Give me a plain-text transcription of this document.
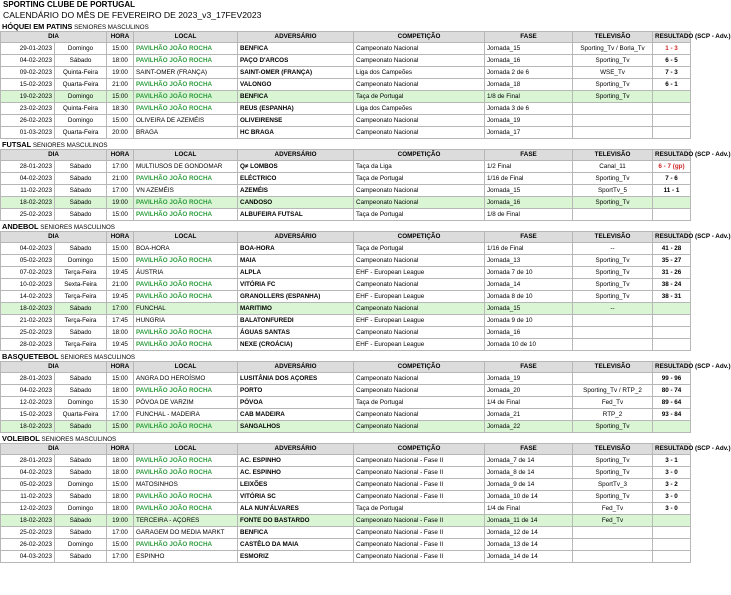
SPORTING CLUBE DE PORTUGAL
CALENDÁRIO DO MÊS DE FEVEREIRO DE 2023_v3_17FEV2023
HÓQUEI EM PATINS SENIORES MASCULINOS
DIA		HORA	LOCAL	ADVERSÁRIO	COMPETIÇÃO	FASE	TELEVISÃO	RESULTADO (SCP - Adv.)
29-01-2023	Domingo	15:00	PAVILHÃO JOÃO ROCHA	BENFICA	Campeonato Nacional	Jornada_15	Sporting_Tv / Borla_Tv	1 - 3
04-02-2023	Sábado	18:00	PAVILHÃO JOÃO ROCHA	PAÇO D'ARCOS	Campeonato Nacional	Jornada_16	Sporting_Tv	6 - 5
09-02-2023	Quinta-Feira	19:00	SAINT-OMER (FRANÇA)	SAINT-OMER (FRANÇA)	Liga dos Campeões	Jornada 2 de 6	WSE_Tv	7 - 3
15-02-2023	Quarta-Feira	21:00	PAVILHÃO JOÃO ROCHA	VALONGO	Campeonato Nacional	Jornada_18	Sporting_Tv	6 - 1
19-02-2023	Domingo	15:00	PAVILHÃO JOÃO ROCHA	BENFICA	Taça de Portugal	1/8 de Final	Sporting_Tv	
23-02-2023	Quinta-Feira	18:30	PAVILHÃO JOÃO ROCHA	REUS (ESPANHA)	Liga dos Campeões	Jornada 3 de 6		
26-02-2023	Domingo	15:00	OLIVEIRA DE AZEMÉIS	OLIVEIRENSE	Campeonato Nacional	Jornada_19		
01-03-2023	Quarta-Feira	20:00	BRAGA	HC BRAGA	Campeonato Nacional	Jornada_17		
FUTSAL SENIORES MASCULINOS
DIA		HORA	LOCAL	ADVERSÁRIO	COMPETIÇÃO	FASE	TELEVISÃO	RESULTADO (SCP - Adv.)
28-01-2023	Sábado	17:00	MULTIUSOS DE GONDOMAR	Q≠ LOMBOS	Taça da Liga	1/2 Final	Canal_11	6 - 7 (gp)
04-02-2023	Sábado	21:00	PAVILHÃO JOÃO ROCHA	ELÉCTRICO	Taça de Portugal	1/16 de Final	Sporting_Tv	7 - 6
11-02-2023	Sábado	17:00	VN AZEMÉIS	AZEMÉIS	Campeonato Nacional	Jornada_15	SportTv_5	11 - 1
18-02-2023	Sábado	19:00	PAVILHÃO JOÃO ROCHA	CANDOSO	Campeonato Nacional	Jornada_16	Sporting_Tv	
25-02-2023	Sábado	15:00	PAVILHÃO JOÃO ROCHA	ALBUFEIRA FUTSAL	Taça de Portugal	1/8 de Final		
ANDEBOL SENIORES MASCULINOS
DIA		HORA	LOCAL	ADVERSÁRIO	COMPETIÇÃO	FASE	TELEVISÃO	RESULTADO (SCP - Adv.)
04-02-2023	Sábado	15:00	BOA-HORA	BOA-HORA	Taça de Portugal	1/16 de Final	--	41 - 28
05-02-2023	Domingo	15:00	PAVILHÃO JOÃO ROCHA	MAIA	Campeonato Nacional	Jornada_13	Sporting_Tv	35 - 27
07-02-2023	Terça-Feira	19:45	ÁUSTRIA	ALPLA	EHF - European League	Jornada 7 de 10	Sporting_Tv	31 - 26
10-02-2023	Sexta-Feira	21:00	PAVILHÃO JOÃO ROCHA	VITÓRIA FC	Campeonato Nacional	Jornada_14	Sporting_Tv	38 - 24
14-02-2023	Terça-Feira	19:45	PAVILHÃO JOÃO ROCHA	GRANOLLERS (ESPANHA)	EHF - European League	Jornada 8 de 10	Sporting_Tv	38 - 31
18-02-2023	Sábado	17:00	FUNCHAL	MARITIMO	Campeonato Nacional	Jornada_15	--	
21-02-2023	Terça-Feira	17:45	HUNGRIA	BALATONFUREDI	EHF - European League	Jornada 9 de 10		
25-02-2023	Sábado	18:00	PAVILHÃO JOÃO ROCHA	ÁGUAS SANTAS	Campeonato Nacional	Jornada_16		
28-02-2023	Terça-Feira	19:45	PAVILHÃO JOÃO ROCHA	NEXE (CROÁCIA)	EHF - European League	Jornada 10 de 10		
BASQUETEBOL SENIORES MASCULINOS
DIA		HORA	LOCAL	ADVERSÁRIO	COMPETIÇÃO	FASE	TELEVISÃO	RESULTADO (SCP - Adv.)
28-01-2023	Sábado	15:00	ANGRA DO HEROÍSMO	LUSITÂNIA DOS AÇORES	Campeonato Nacional	Jornada_19		99 - 96
04-02-2023	Sábado	18:00	PAVILHÃO JOÃO ROCHA	PORTO	Campeonato Nacional	Jornada_20	Sporting_Tv / RTP_2	80 - 74
12-02-2023	Domingo	15:30	PÓVOA DE VARZIM	PÓVOA	Taça de Portugal	1/4 de Final	Fed_Tv	89 - 64
15-02-2023	Quarta-Feira	17:00	FUNCHAL - MADEIRA	CAB MADEIRA	Campeonato Nacional	Jornada_21	RTP_2	93 - 84
18-02-2023	Sábado	15:00	PAVILHÃO JOÃO ROCHA	SANGALHOS	Campeonato Nacional	Jornada_22	Sporting_Tv	
VOLEIBOL SENIORES MASCULINOS
DIA		HORA	LOCAL	ADVERSÁRIO	COMPETIÇÃO	FASE	TELEVISÃO	RESULTADO (SCP - Adv.)
28-01-2023	Sábado	18:00	PAVILHÃO JOÃO ROCHA	AC. ESPINHO	Campeonato Nacional - Fase II	Jornada_7 de 14	Sporting_Tv	3 - 1
04-02-2023	Sábado	18:00	PAVILHÃO JOÃO ROCHA	AC. ESPINHO	Campeonato Nacional - Fase II	Jornada_8 de 14	Sporting_Tv	3 - 0
05-02-2023	Domingo	15:00	MATOSINHOS	LEIXÕES	Campeonato Nacional - Fase II	Jornada_9 de 14	SportTv_3	3 - 2
11-02-2023	Sábado	18:00	PAVILHÃO JOÃO ROCHA	VITÓRIA SC	Campeonato Nacional - Fase II	Jornada_10 de 14	Sporting_Tv	3 - 0
12-02-2023	Domingo	18:00	PAVILHÃO JOÃO ROCHA	ALA NUN'ÁLVARES	Taça de Portugal	1/4 de Final	Fed_Tv	3 - 0
18-02-2023	Sábado	19:00	TERCEIRA - AÇORES	FONTE DO BASTARDO	Campeonato Nacional - Fase II	Jornada_11 de 14	Fed_Tv	
25-02-2023	Sábado	17:00	GARAGEM DO MEDIA MARKT	BENFICA	Campeonato Nacional - Fase II	Jornada_12 de 14		
26-02-2023	Domingo	15:00	PAVILHÃO JOÃO ROCHA	CASTÊLO DA MAIA	Campeonato Nacional - Fase II	Jornada_13 de 14		
04-03-2023	Sábado	17:00	ESPINHO	ESMORIZ	Campeonato Nacional - Fase II	Jornada_14 de 14		
